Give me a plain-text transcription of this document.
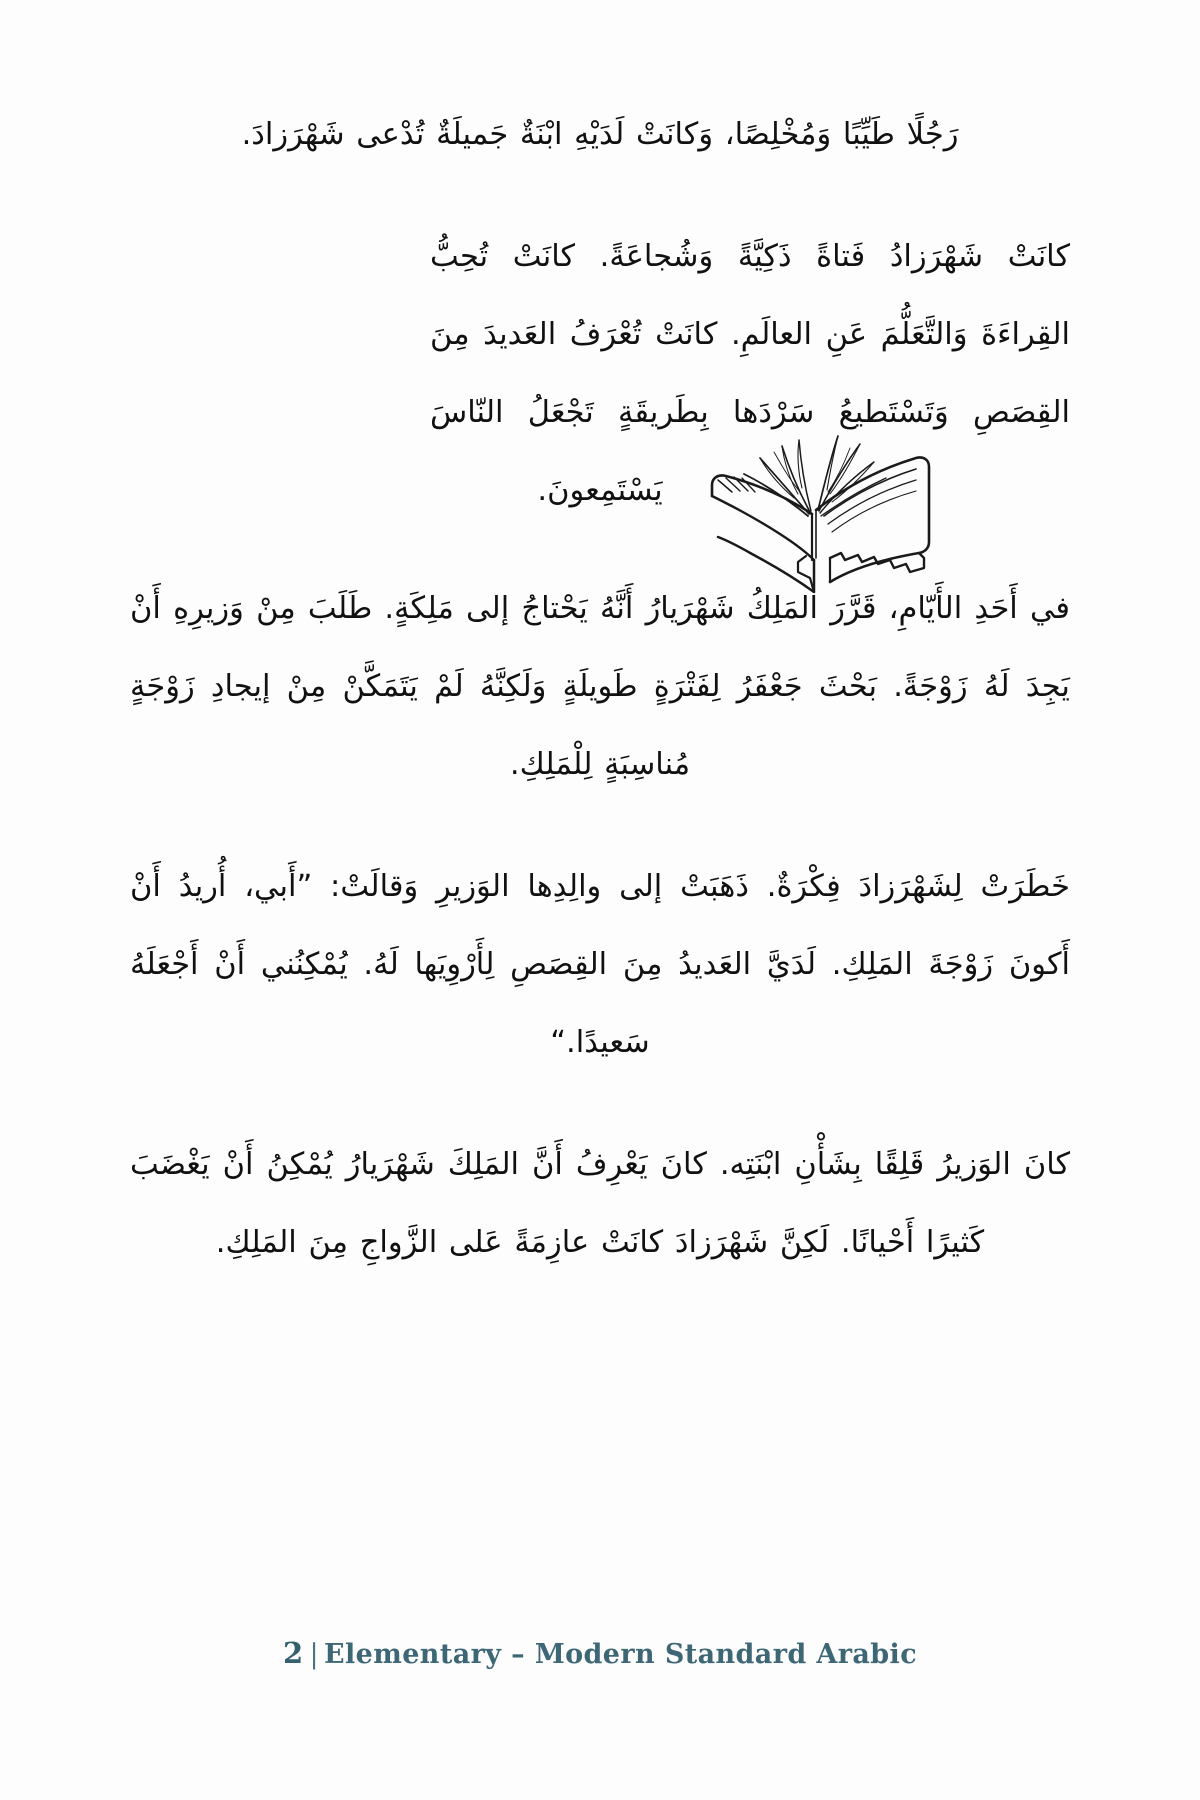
رجلا طيبا ومخلصا، وكانت لديه ابنة جميلة تدعى شهرزاد.

كانت شهرزاد فتاة ذكية وشجاعة. كانت تحب القراءة والتعلم عن العالم. كانت تعرف العديد من القصص وتستطيع سردها بطريقة تجعل الناس يستمعون.

في أحد الأيام، قرر الملك شهريار أنه يحتاج إلى ملكة. طلب من وزيره أن يجد له زوجة. بحث جعفر لفترة طويلة ولكنه لم يتمكن من إيجاد زوجة مناسبة للملك.

خطرت لشهرزاد فكرة. ذهبت إلى والدها الوزير وقالت: ”أبي، أريد أن أكون زوجة الملك. لدي العديد من القصص لأرويها له. يمكنني أن أجعله سعيدا.“

كان الوزير قلقا بشأن ابنته. كان يعرف أن الملك شهريار يمكن أن يغضب كثيرا أحيانا. لكن شهرزاد كانت عازمة على الزواج من الملك.

2 | Elementary – Modern Standard Arabic
